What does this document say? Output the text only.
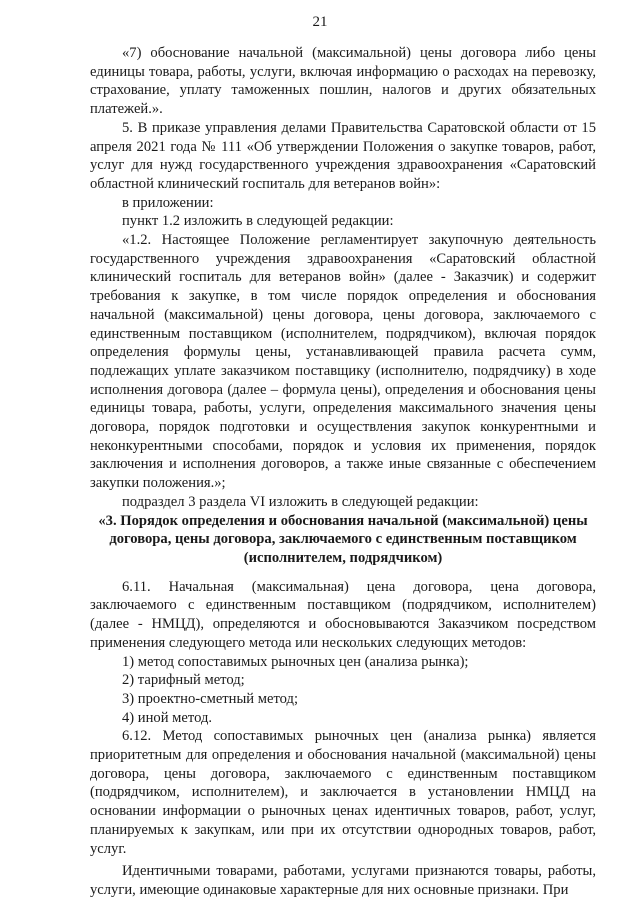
21

«7) обоснование начальной (максимальной) цены договора либо цены единицы товара, работы, услуги, включая информацию о расходах на перевозку, страхование, уплату таможенных пошлин, налогов и других обязательных платежей.».

5. В приказе управления делами Правительства Саратовской области от 15 апреля 2021 года № 111 «Об утверждении Положения о закупке товаров, работ, услуг для нужд государственного учреждения здравоохранения «Саратовский областной клинический госпиталь для ветеранов войн»:

в приложении:

пункт 1.2 изложить в следующей редакции:

«1.2. Настоящее Положение регламентирует закупочную деятельность государственного учреждения здравоохранения «Саратовский областной клинический госпиталь для ветеранов войн» (далее - Заказчик) и содержит требования к закупке, в том числе порядок определения и обоснования начальной (максимальной) цены договора, цены договора, заключаемого с единственным поставщиком (исполнителем, подрядчиком), включая порядок определения формулы цены, устанавливающей правила расчета сумм, подлежащих уплате заказчиком поставщику (исполнителю, подрядчику) в ходе исполнения договора (далее – формула цены), определения и обоснования цены единицы товара, работы, услуги, определения максимального значения цены договора, порядок подготовки и осуществления закупок конкурентными и неконкурентными способами, порядок и условия их применения, порядок заключения и исполнения договоров, а также иные связанные с обеспечением закупки положения.»;

подраздел 3 раздела VI изложить в следующей редакции:

«3. Порядок определения и обоснования начальной (максимальной) цены договора, цены договора, заключаемого с единственным поставщиком (исполнителем, подрядчиком)

6.11. Начальная (максимальная) цена договора, цена договора, заключаемого с единственным поставщиком (подрядчиком, исполнителем) (далее - НМЦД), определяются и обосновываются Заказчиком посредством применения следующего метода или нескольких следующих методов:

1) метод сопоставимых рыночных цен (анализа рынка);

2) тарифный метод;

3) проектно-сметный метод;

4) иной метод.

6.12. Метод сопоставимых рыночных цен (анализа рынка) является приоритетным для определения и обоснования начальной (максимальной) цены договора, цены договора, заключаемого с единственным поставщиком (подрядчиком, исполнителем), и заключается в установлении НМЦД на основании информации о рыночных ценах идентичных товаров, работ, услуг, планируемых к закупкам, или при их отсутствии однородных товаров, работ, услуг.

Идентичными товарами, работами, услугами признаются товары, работы, услуги, имеющие одинаковые характерные для них основные признаки. При
